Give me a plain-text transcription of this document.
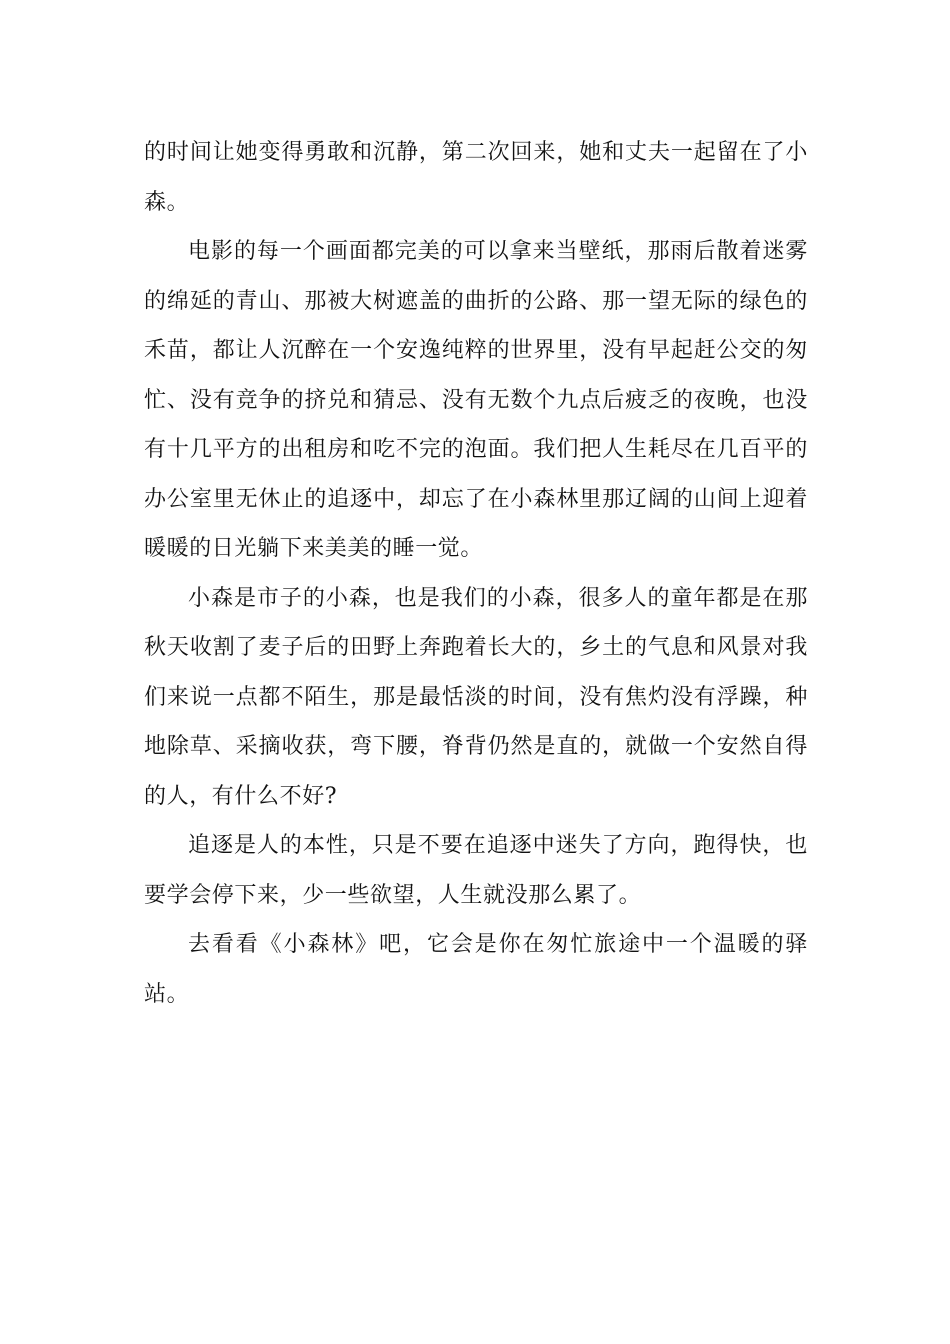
的时间让她变得勇敢和沉静，第二次回来，她和丈夫一起留在了小森。

电影的每一个画面都完美的可以拿来当壁纸，那雨后散着迷雾的绵延的青山、那被大树遮盖的曲折的公路、那一望无际的绿色的禾苗，都让人沉醉在一个安逸纯粹的世界里，没有早起赶公交的匆忙、没有竞争的挤兑和猜忌、没有无数个九点后疲乏的夜晚，也没有十几平方的出租房和吃不完的泡面。我们把人生耗尽在几百平的办公室里无休止的追逐中，却忘了在小森林里那辽阔的山间上迎着暖暖的日光躺下来美美的睡一觉。

小森是市子的小森，也是我们的小森，很多人的童年都是在那秋天收割了麦子后的田野上奔跑着长大的，乡土的气息和风景对我们来说一点都不陌生，那是最恬淡的时间，没有焦灼没有浮躁，种地除草、采摘收获，弯下腰，脊背仍然是直的，就做一个安然自得的人，有什么不好?

追逐是人的本性，只是不要在追逐中迷失了方向，跑得快，也要学会停下来，少一些欲望，人生就没那么累了。

去看看《小森林》吧，它会是你在匆忙旅途中一个温暖的驿站。
